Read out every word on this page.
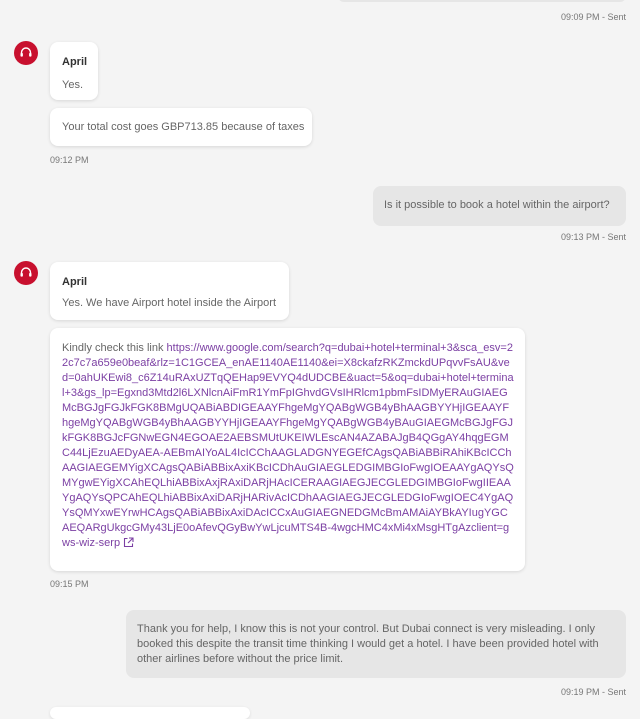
09:09 PM - Sent
April
Yes.
Your total cost goes GBP713.85 because of taxes
09:12 PM
Is it possible to book a hotel within the airport?
09:13 PM - Sent
April
Yes. We have Airport hotel inside the Airport
Kindly check this link https://www.google.com/search?q=dubai+hotel+terminal+3&sca_esv=22c7c7a659e0beaf&rlz=1C1GCEA_enAE1140AE1140&ei=X8ckafzRKZmckdUPqvvFsAU&ved=0ahUKEwi8_c6Z14uRAxUZTqQEHap9EVYQ4dUDCBE&uact=5&oq=dubai+hotel+terminal+3&gs_lp=Egxnd3Mtd2l6LXNlcnAiFmR1YmFpIGhvdGVsIHRlcm1pbmFsIDMyERAuGIAEGMcBGJgFGJkFGK8BMgUQABiABDIGEAAYFhgeMgYQABgWGB4yBhAAGBYYHjIGEAAYFhgeMgYQABgWGB4yBhAAGBYYHjIGEAAYFhgeMgYQABgWGB4yBAuGIAEGMcBGJgFGJkFGK8BGJcFGNwEGN4EGOAE2AEBSMUtUKEIWLEscAN4AZABAJgB4QGgAY4hqgEGMC44LjEzuAEDyAEA-AEBmAIYoAL4IcICChAAGLADGNYEGEfCAgsQABiABBiRAhiKBcICChAAGIAEGEMYigXCAgsQABiABBixAxiKBcICDhAuGIAEGLEDGIMBGIoFwgIOEAAYgAQYsQMYgwEYigXCAhEQLhiABBixAxjRAxiDARjHAcICERAAGIAEGJECGLEDGIMBGIoFwgIIEAAYgAQYsQPCAhEQLhiABBixAxiDARjHARivAcICDhAAGIAEGJECGLEDGIoFwgIOEC4YgAQYsQMYxwEYrwHCAgsQABiABBixAxiDAcICCxAuGIAEGNEDGMcBmAMAiAYBkAYIugYGCAEQARgUkgcGMy43LjE0oAfevQGyBwYwLjcuMTS4B-4wgcHMC4xMi4xMsgHTgAzclient=gws-wiz-serp
09:15 PM
Thank you for help, I know this is not your control. But Dubai connect is very misleading. I only booked this despite the transit time thinking I would get a hotel. I have been provided hotel with other airlines before without the price limit.
09:19 PM - Sent
